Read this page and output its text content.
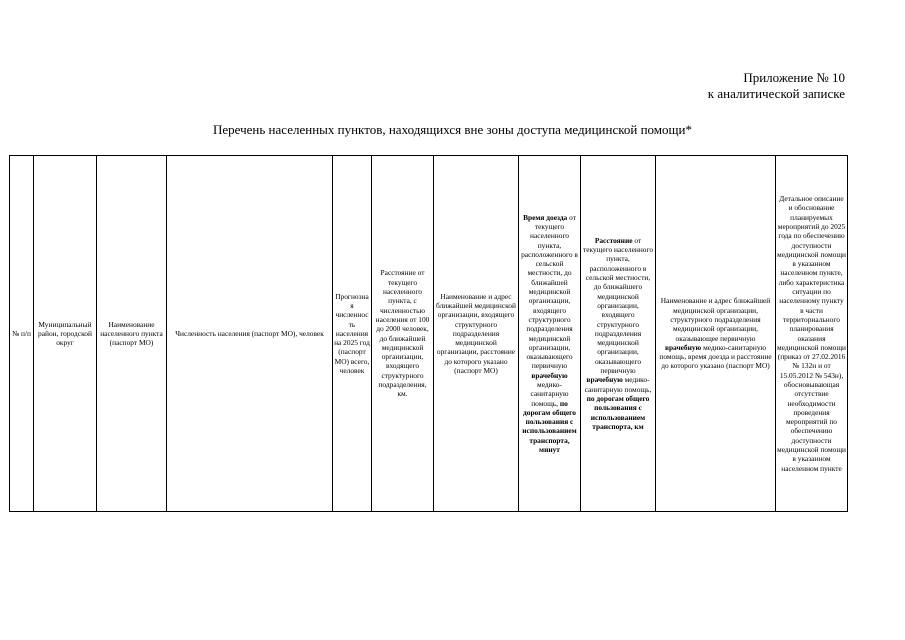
Приложение № 10
к аналитической записке
Перечень населенных пунктов, находящихся вне зоны доступа медицинской помощи*
№ п/п	Муниципальный район, городской округ	Наименование населенного пункта (паспорт МО)	Численность населения (паспорт МО), человек	Прогнозная численность населения на 2025 год (паспорт МО) всего, человек	Расстояние от текущего населенного пункта, с численностью населения от 100 до 2000 человек, до ближайшей медицинской организации, входящего структурного подразделения, км.	Наименование и адрес ближайшей медицинской организации, входящего структурного подразделения медицинской организации, расстояние до которого указано (паспорт МО)	Время доезда от текущего населенного пункта, расположенного в сельской местности, до ближайшей медицинской организации, входящего структурного подразделения медицинской организации, оказывающего первичную врачебную медико-санитарную помощь, по дорогам общего пользования с использованием транспорта, минут	Расстояние от текущего населенного пункта, расположенного в сельской местности, до ближайшего медицинской организации, входящего структурного подразделения медицинской организации, оказывающего первичную врачебную медико-санитарную помощь, по дорогам общего пользования с использованием транспорта, км	Наименование и адрес ближайшей медицинской организации, структурного подразделения медицинской организации, оказывающее первичную врачебную медико-санитарную помощь, время доезда и расстояние до которого указано (паспорт МО)	Детальное описание и обоснование планируемых мероприятий до 2025 года по обеспечению доступности медицинской помощи в указанном населенном пункте, либо характеристика ситуации по населенному пункту в части территориального планирования оказания медицинской помощи (приказ от 27.02.2016 № 132н и от 15.05.2012 № 543н), обосновывающая отсутствие необходимости проведения мероприятий по обеспечению доступности медицинской помощи в указанном населенном пункте
